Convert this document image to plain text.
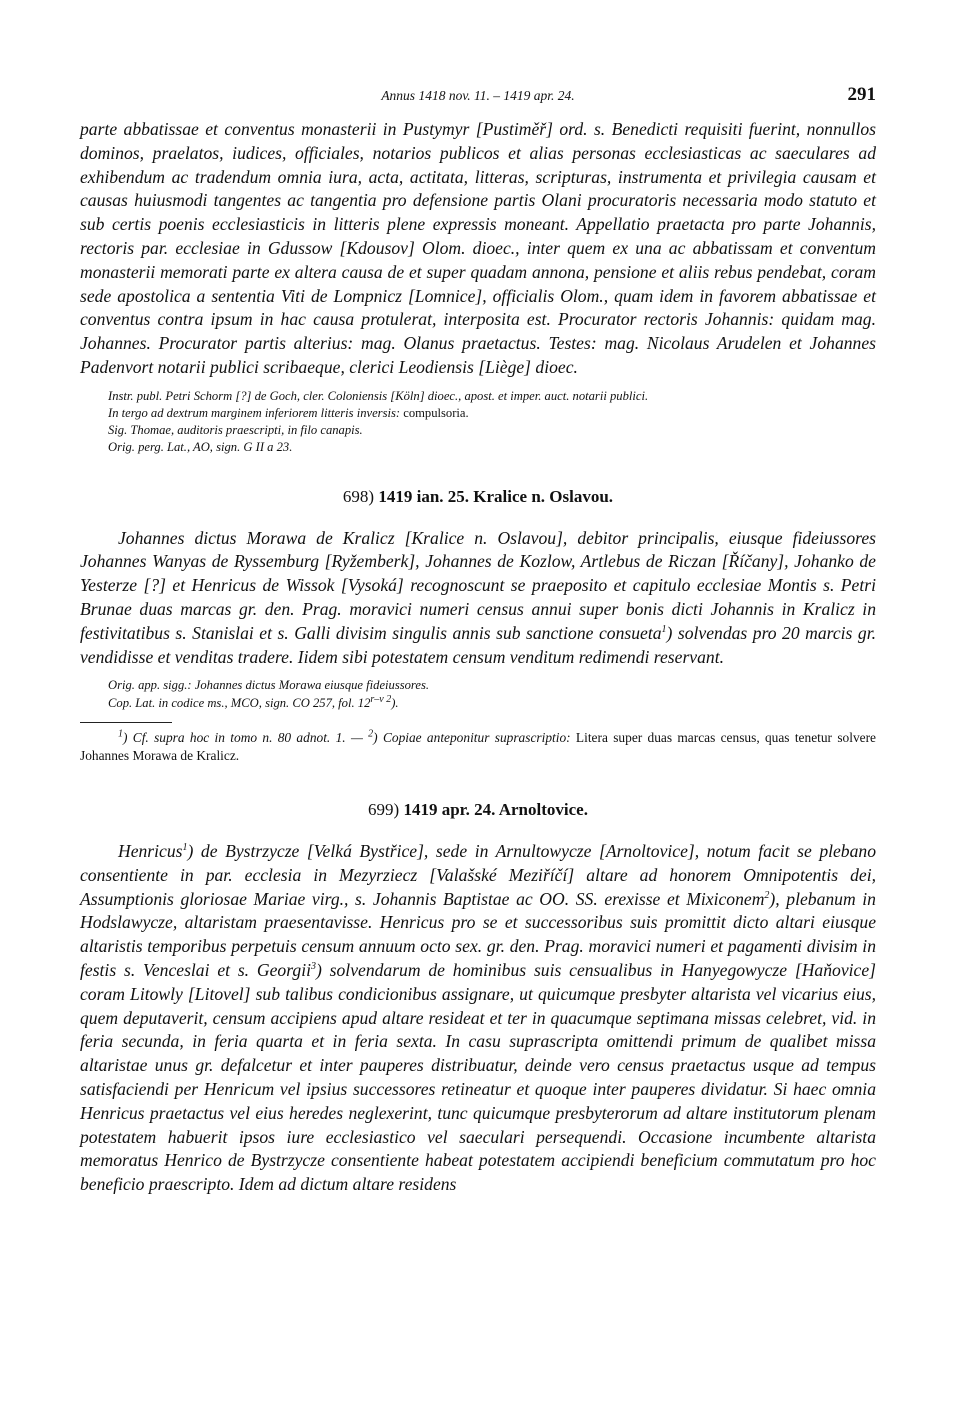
Annus 1418 nov. 11. – 1419 apr. 24.	291

parte abbatissae et conventus monasterii in Pustymyr [Pustiměř] ord. s. Benedicti requisiti fuerint, nonnullos dominos, praelatos, iudices, officiales, notarios publicos et alias personas ecclesiasticas ac saeculares ad exhibendum ac tradendum omnia iura, acta, actitata, litteras, scripturas, instrumenta et privilegia causam et causas huiusmodi tangentes ac tangentia pro defensione partis Olani procuratoris necessaria modo statuto et sub certis poenis ecclesiasticis in litteris plene expressis moneant. Appellatio praetacta pro parte Johannis, rectoris par. ecclesiae in Gdussow [Kdousov] Olom. dioec., inter quem ex una ac abbatissam et conventum monasterii memorati parte ex altera causa de et super quadam annona, pensione et aliis rebus pendebat, coram sede apostolica a sententia Viti de Lompnicz [Lomnice], officialis Olom., quam idem in favorem abbatissae et conventus contra ipsum in hac causa protulerat, interposita est. Procurator rectoris Johannis: quidam mag. Johannes. Procurator partis alterius: mag. Olanus praetactus. Testes: mag. Nicolaus Arudelen et Johannes Padenvort notarii publici scribaeque, clerici Leodiensis [Liège] dioec.

Instr. publ. Petri Schorm [?] de Goch, cler. Coloniensis [Köln] dioec., apost. et imper. auct. notarii publici.
In tergo ad dextrum marginem inferiorem litteris inversis: compulsoria.
Sig. Thomae, auditoris praescripti, in filo canapis.
Orig. perg. Lat., AO, sign. G II a 23.
698) 1419 ian. 25. Kralice n. Oslavou.

Johannes dictus Morawa de Kralicz [Kralice n. Oslavou], debitor principalis, eiusque fideiussores Johannes Wanyas de Ryssemburg [Ryžemberk], Johannes de Kozlow, Artlebus de Riczan [Říčany], Johanko de Yesterze [?] et Henricus de Wissok [Vysoká] recognoscunt se praeposito et capitulo ecclesiae Montis s. Petri Brunae duas marcas gr. den. Prag. moravici numeri census annui super bonis dicti Johannis in Kralicz in festivitatibus s. Stanislai et s. Galli divisim singulis annis sub sanctione consueta$^1$) solvendas pro 20 marcis gr. vendidisse et venditas tradere. Iidem sibi potestatem censum venditum redimendi reservant.

Orig. app. sigg.: Johannes dictus Morawa eiusque fideiussores.
Cop. Lat. in codice ms., MCO, sign. CO 257, fol. $12^{r-v 2}$).

$^1$) Cf. supra hoc in tomo n. 80 adnot. 1. — $^2$) Copiae anteponitur suprascriptio: Litera super duas marcas census, quas tenetur solvere Johannes Morawa de Kralicz.

699) 1419 apr. 24. Arnoltovice.

Henricus$^1$) de Bystrzycze [Velká Bystřice], sede in Arnultowycze [Arnoltovice], notum facit se plebano consentiente in par. ecclesia in Mezyrziecz [Valašské Meziříčí] altare ad honorem Omnipotentis dei, Assumptionis gloriosae Mariae virg., s. Johannis Baptistae ac OO. SS. erexisse et Mixiconem$^2$), plebanum in Hodslawycze, altaristam praesentavisse. Henricus pro se et successoribus suis promittit dicto altari eiusque altaristis temporibus perpetuis censum annuum octo sex. gr. den. Prag. moravici numeri et pagamenti divisim in festis s. Venceslai et s. Georgii$^3$) solvendarum de hominibus suis censualibus in Hanyegowycze [Haňovice] coram Litowly [Litovel] sub talibus condicionibus assignare, ut quicumque presbyter altarista vel vicarius eius, quem deputaverit, censum accipiens apud altare resideat et ter in quacumque septimana missas celebret, vid. in feria secunda, in feria quarta et in feria sexta. In casu suprascripta omittendi primum de qualibet missa altaristae unus gr. defalcetur et inter pauperes distribuatur, deinde vero census praetactus usque ad tempus satisfaciendi per Henricum vel ipsius successores retineatur et quoque inter pauperes dividatur. Si haec omnia Henricus praetactus vel eius heredes neglexerint, tunc quicumque presbyterorum ad altare institutorum plenam potestatem habuerit ipsos iure ecclesiastico vel saeculari persequendi. Occasione incumbente altarista memoratus Henrico de Bystrzycze consentiente habeat potestatem accipiendi beneficium commutatum pro hoc beneficio praescripto. Idem ad dictum altare residens
